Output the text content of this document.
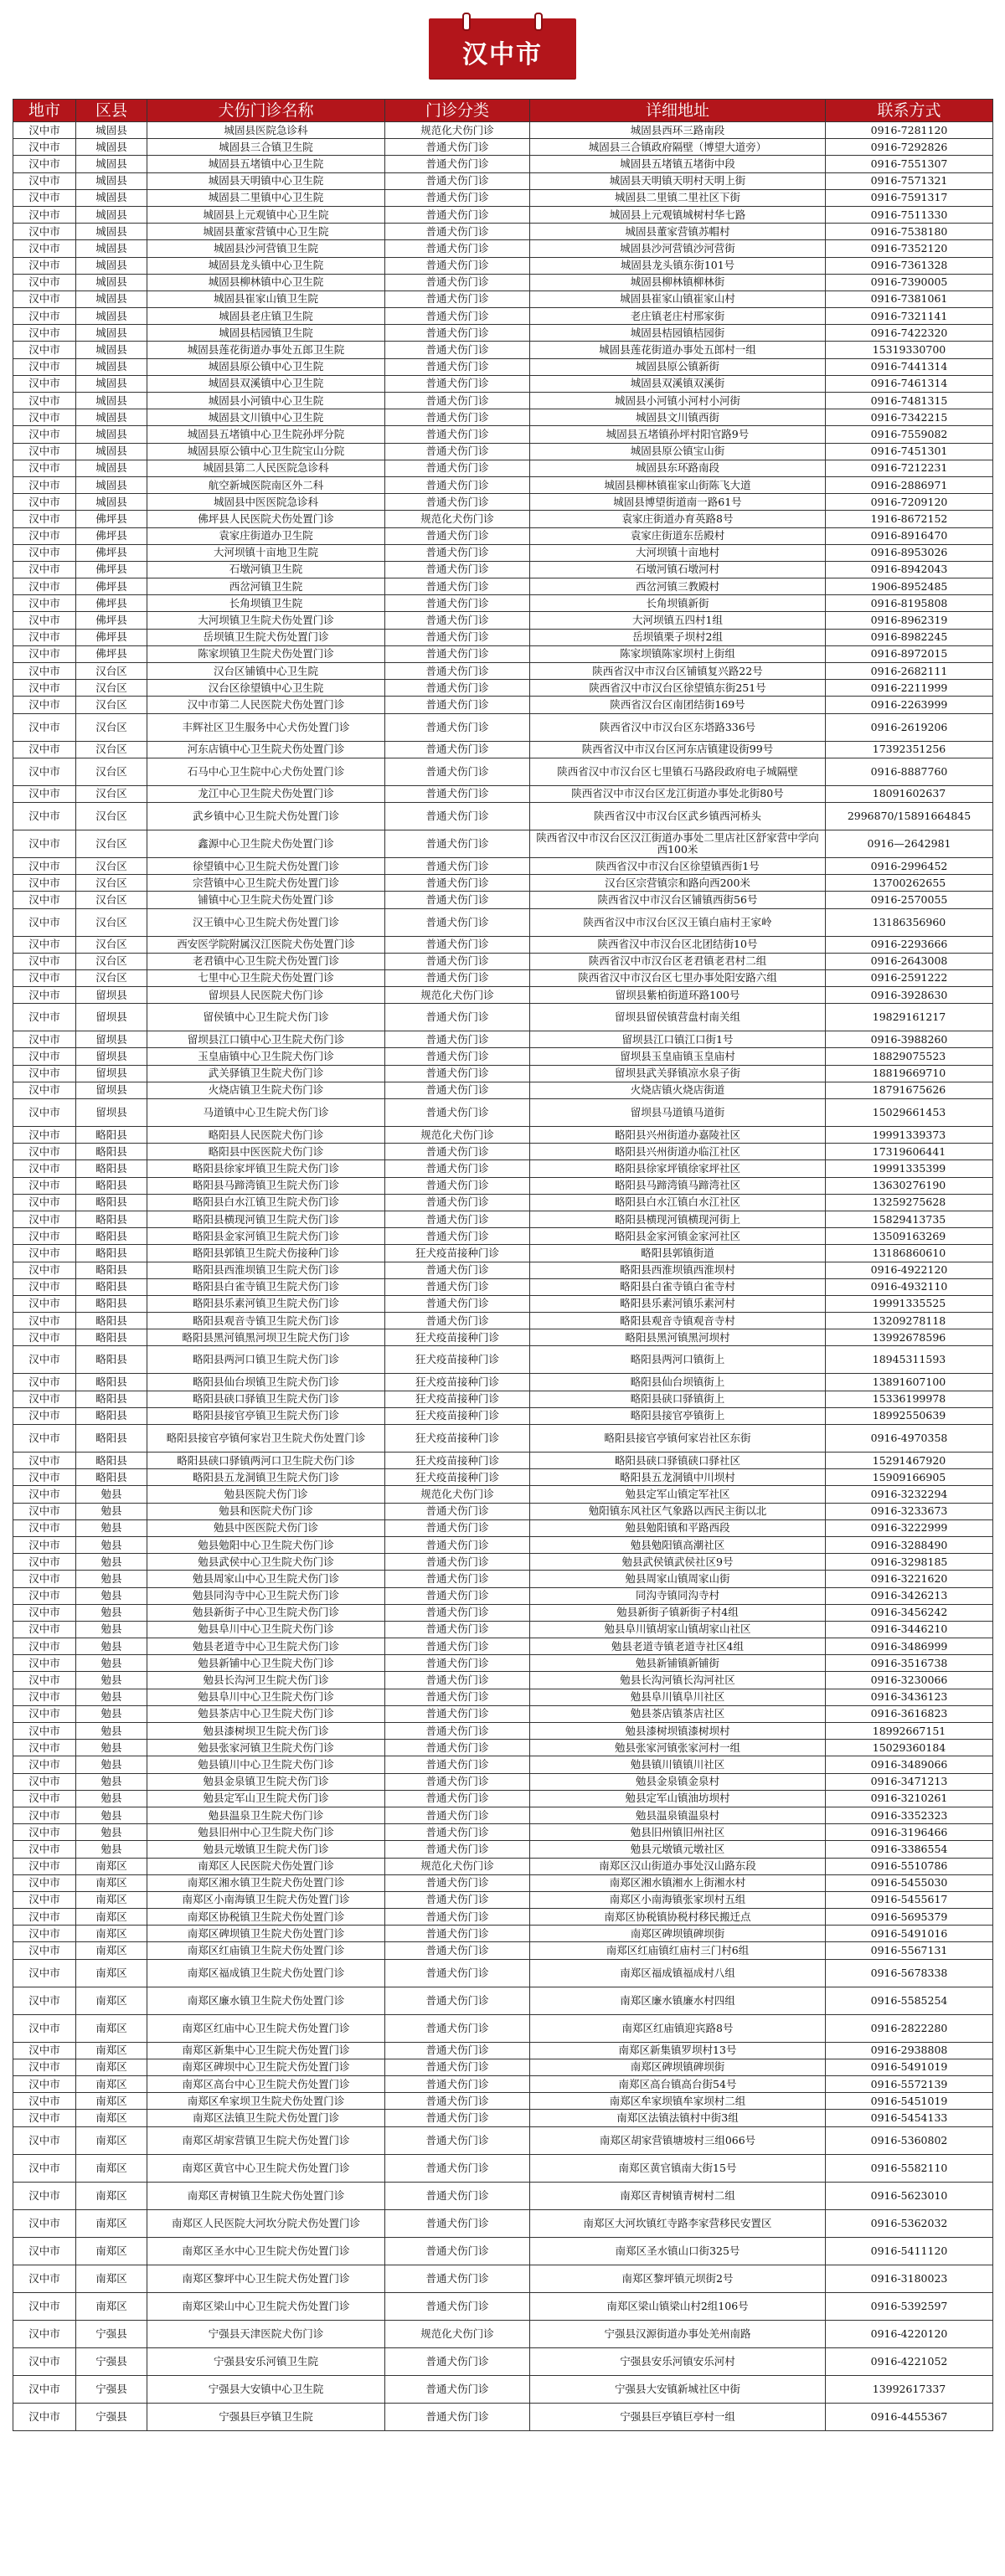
汉中市
地市	区县	犬伤门诊名称	门诊分类	详细地址	联系方式
汉中市	城固县	城固县医院急诊科	规范化犬伤门诊	城固县西环三路南段	0916-7281120
汉中市	城固县	城固县三合镇卫生院	普通犬伤门诊	城固县三合镇政府隔壁（博望大道旁）	0916-7292826
汉中市	城固县	城固县五堵镇中心卫生院	普通犬伤门诊	城固县五堵镇五堵街中段	0916-7551307
汉中市	城固县	城固县天明镇中心卫生院	普通犬伤门诊	城固县天明镇天明村天明上街	0916-7571321
汉中市	城固县	城固县二里镇中心卫生院	普通犬伤门诊	城固县二里镇二里社区下街	0916-7591317
汉中市	城固县	城固县上元观镇中心卫生院	普通犬伤门诊	城固县上元观镇城树村华七路	0916-7511330
汉中市	城固县	城固县董家营镇中心卫生院	普通犬伤门诊	城固县董家营镇苏帽村	0916-7538180
汉中市	城固县	城固县沙河营镇卫生院	普通犬伤门诊	城固县沙河营镇沙河营街	0916-7352120
汉中市	城固县	城固县龙头镇中心卫生院	普通犬伤门诊	城固县龙头镇东街101号	0916-7361328
汉中市	城固县	城固县柳林镇中心卫生院	普通犬伤门诊	城固县柳林镇柳林街	0916-7390005
汉中市	城固县	城固县崔家山镇卫生院	普通犬伤门诊	城固县崔家山镇崔家山村	0916-7381061
汉中市	城固县	城固县老庄镇卫生院	普通犬伤门诊	老庄镇老庄村邢家街	0916-7321141
汉中市	城固县	城固县桔园镇卫生院	普通犬伤门诊	城固县桔园镇桔园街	0916-7422320
汉中市	城固县	城固县莲花街道办事处五郎卫生院	普通犬伤门诊	城固县莲花街道办事处五郎村一组	15319330700
汉中市	城固县	城固县原公镇中心卫生院	普通犬伤门诊	城固县原公镇新街	0916-7441314
汉中市	城固县	城固县双溪镇中心卫生院	普通犬伤门诊	城固县双溪镇双溪街	0916-7461314
汉中市	城固县	城固县小河镇中心卫生院	普通犬伤门诊	城固县小河镇小河村小河街	0916-7481315
汉中市	城固县	城固县文川镇中心卫生院	普通犬伤门诊	城固县文川镇西街	0916-7342215
汉中市	城固县	城固县五堵镇中心卫生院孙坪分院	普通犬伤门诊	城固县五堵镇孙坪村阳官路9号	0916-7559082
汉中市	城固县	城固县原公镇中心卫生院宝山分院	普通犬伤门诊	城固县原公镇宝山街	0916-7451301
汉中市	城固县	城固县第二人民医院急诊科	普通犬伤门诊	城固县东环路南段	0916-7212231
汉中市	城固县	航空新城医院南区外二科	普通犬伤门诊	城固县柳林镇崔家山街陈飞大道	0916-2886971
汉中市	城固县	城固县中医医院急诊科	普通犬伤门诊	城固县博望街道南一路61号	0916-7209120
汉中市	佛坪县	佛坪县人民医院犬伤处置门诊	规范化犬伤门诊	袁家庄街道办育英路8号	1916-8672152
汉中市	佛坪县	袁家庄街道办卫生院	普通犬伤门诊	袁家庄街道东岳殿村	0916-8916470
汉中市	佛坪县	大河坝镇十亩地卫生院	普通犬伤门诊	大河坝镇十亩地村	0916-8953026
汉中市	佛坪县	石墩河镇卫生院	普通犬伤门诊	石墩河镇石墩河村	0916-8942043
汉中市	佛坪县	西岔河镇卫生院	普通犬伤门诊	西岔河镇三教殿村	1906-8952485
汉中市	佛坪县	长角坝镇卫生院	普通犬伤门诊	长角坝镇新街	0916-8195808
汉中市	佛坪县	大河坝镇卫生院犬伤处置门诊	普通犬伤门诊	大河坝镇五四村1组	0916-8962319
汉中市	佛坪县	岳坝镇卫生院犬伤处置门诊	普通犬伤门诊	岳坝镇栗子坝村2组	0916-8982245
汉中市	佛坪县	陈家坝镇卫生院犬伤处置门诊	普通犬伤门诊	陈家坝镇陈家坝村上街组	0916-8972015
汉中市	汉台区	汉台区铺镇中心卫生院	普通犬伤门诊	陕西省汉中市汉台区铺镇复兴路22号	0916-2682111
汉中市	汉台区	汉台区徐望镇中心卫生院	普通犬伤门诊	陕西省汉中市汉台区徐望镇东街251号	0916-2211999
汉中市	汉台区	汉中市第二人民医院犬伤处置门诊	普通犬伤门诊	陕西省汉台区南团结街169号	0916-2263999
汉中市	汉台区	丰辉社区卫生服务中心犬伤处置门诊	普通犬伤门诊	陕西省汉中市汉台区东塔路336号	0916-2619206
汉中市	汉台区	河东店镇中心卫生院犬伤处置门诊	普通犬伤门诊	陕西省汉中市汉台区河东店镇建设街99号	17392351256
汉中市	汉台区	石马中心卫生院中心犬伤处置门诊	普通犬伤门诊	陕西省汉中市汉台区七里镇石马路段政府电子城隔壁	0916-8887760
汉中市	汉台区	龙江中心卫生院犬伤处置门诊	普通犬伤门诊	陕西省汉中市汉台区龙江街道办事处北街80号	18091602637
汉中市	汉台区	武乡镇中心卫生院犬伤处置门诊	普通犬伤门诊	陕西省汉中市汉台区武乡镇西河桥头	2996870/15891664845
汉中市	汉台区	鑫源中心卫生院犬伤处置门诊	普通犬伤门诊	陕西省汉中市汉台区汉江街道办事处二里店社区舒家营中学向西100米	0916—2642981
汉中市	汉台区	徐望镇中心卫生院犬伤处置门诊	普通犬伤门诊	陕西省汉中市汉台区徐望镇西街1号	0916-2996452
汉中市	汉台区	宗营镇中心卫生院犬伤处置门诊	普通犬伤门诊	汉台区宗营镇宗和路向西200米	13700262655
汉中市	汉台区	铺镇中心卫生院犬伤处置门诊	普通犬伤门诊	陕西省汉中市汉台区铺镇西街56号	0916-2570055
汉中市	汉台区	汉王镇中心卫生院犬伤处置门诊	普通犬伤门诊	陕西省汉中市汉台区汉王镇白庙村王家岭	13186356960
汉中市	汉台区	西安医学院附属汉江医院犬伤处置门诊	普通犬伤门诊	陕西省汉中市汉台区北团结街10号	0916-2293666
汉中市	汉台区	老君镇中心卫生院犬伤处置门诊	普通犬伤门诊	陕西省汉中市汉台区老君镇老君村二组	0916-2643008
汉中市	汉台区	七里中心卫生院犬伤处置门诊	普通犬伤门诊	陕西省汉中市汉台区七里办事处阳安路六组	0916-2591222
汉中市	留坝县	留坝县人民医院犬伤门诊	规范化犬伤门诊	留坝县紫柏街道环路100号	0916-3928630
汉中市	留坝县	留侯镇中心卫生院犬伤门诊	普通犬伤门诊	留坝县留侯镇营盘村南关组	19829161217
汉中市	留坝县	留坝县江口镇中心卫生院犬伤门诊	普通犬伤门诊	留坝县江口镇江口街1号	0916-3988260
汉中市	留坝县	玉皇庙镇中心卫生院犬伤门诊	普通犬伤门诊	留坝县玉皇庙镇玉皇庙村	18829075523
汉中市	留坝县	武关驿镇卫生院犬伤门诊	普通犬伤门诊	留坝县武关驿镇凉水泉子街	18819669710
汉中市	留坝县	火烧店镇卫生院犬伤门诊	普通犬伤门诊	火烧店镇火烧店街道	18791675626
汉中市	留坝县	马道镇中心卫生院犬伤门诊	普通犬伤门诊	留坝县马道镇马道街	15029661453
汉中市	略阳县	略阳县人民医院犬伤门诊	规范化犬伤门诊	略阳县兴州街道办嘉陵社区	19991339373
汉中市	略阳县	略阳县中医医院犬伤门诊	普通犬伤门诊	略阳县兴州街道办临江社区	17319606441
汉中市	略阳县	略阳县徐家坪镇卫生院犬伤门诊	普通犬伤门诊	略阳县徐家坪镇徐家坪社区	19991335399
汉中市	略阳县	略阳县马蹄湾镇卫生院犬伤门诊	普通犬伤门诊	略阳县马蹄湾镇马蹄湾社区	13630276190
汉中市	略阳县	略阳县白水江镇卫生院犬伤门诊	普通犬伤门诊	略阳县白水江镇白水江社区	13259275628
汉中市	略阳县	略阳县横现河镇卫生院犬伤门诊	普通犬伤门诊	略阳县横现河镇横现河街上	15829413735
汉中市	略阳县	略阳县金家河镇卫生院犬伤门诊	普通犬伤门诊	略阳县金家河镇金家河社区	13509163269
汉中市	略阳县	略阳县郭镇卫生院犬伤接种门诊	狂犬疫苗接种门诊	略阳县郭镇街道	13186860610
汉中市	略阳县	略阳县西淮坝镇卫生院犬伤门诊	普通犬伤门诊	略阳县西淮坝镇西淮坝村	0916-4922120
汉中市	略阳县	略阳县白雀寺镇卫生院犬伤门诊	普通犬伤门诊	略阳县白雀寺镇白雀寺村	0916-4932110
汉中市	略阳县	略阳县乐素河镇卫生院犬伤门诊	普通犬伤门诊	略阳县乐素河镇乐素河村	19991335525
汉中市	略阳县	略阳县观音寺镇卫生院犬伤门诊	普通犬伤门诊	略阳县观音寺镇观音寺村	13209278118
汉中市	略阳县	略阳县黑河镇黑河坝卫生院犬伤门诊	狂犬疫苗接种门诊	略阳县黑河镇黑河坝村	13992678596
汉中市	略阳县	略阳县两河口镇卫生院犬伤门诊	狂犬疫苗接种门诊	略阳县两河口镇街上	18945311593
汉中市	略阳县	略阳县仙台坝镇卫生院犬伤门诊	狂犬疫苗接种门诊	略阳县仙台坝镇街上	13891607100
汉中市	略阳县	略阳县硖口驿镇卫生院犬伤门诊	狂犬疫苗接种门诊	略阳县硖口驿镇街上	15336199978
汉中市	略阳县	略阳县接官亭镇卫生院犬伤门诊	狂犬疫苗接种门诊	略阳县接官亭镇街上	18992550639
汉中市	略阳县	略阳县接官亭镇何家岩卫生院犬伤处置门诊	狂犬疫苗接种门诊	略阳县接官亭镇何家岩社区东街	0916-4970358
汉中市	略阳县	略阳县硖口驿镇两河口卫生院犬伤门诊	狂犬疫苗接种门诊	略阳县硖口驿镇硖口驿社区	15291467920
汉中市	略阳县	略阳县五龙洞镇卫生院犬伤门诊	狂犬疫苗接种门诊	略阳县五龙洞镇中川坝村	15909166905
汉中市	勉县	勉县医院犬伤门诊	规范化犬伤门诊	勉县定军山镇定军社区	0916-3232294
汉中市	勉县	勉县和医院犬伤门诊	普通犬伤门诊	勉阳镇东风社区气象路以西民主街以北	0916-3233673
汉中市	勉县	勉县中医医院犬伤门诊	普通犬伤门诊	勉县勉阳镇和平路西段	0916-3222999
汉中市	勉县	勉县勉阳中心卫生院犬伤门诊	普通犬伤门诊	勉县勉阳镇高潮社区	0916-3288490
汉中市	勉县	勉县武侯中心卫生院犬伤门诊	普通犬伤门诊	勉县武侯镇武侯社区9号	0916-3298185
汉中市	勉县	勉县周家山中心卫生院犬伤门诊	普通犬伤门诊	勉县周家山镇周家山街	0916-3221620
汉中市	勉县	勉县同沟寺中心卫生院犬伤门诊	普通犬伤门诊	同沟寺镇同沟寺村	0916-3426213
汉中市	勉县	勉县新街子中心卫生院犬伤门诊	普通犬伤门诊	勉县新街子镇新街子村4组	0916-3456242
汉中市	勉县	勉县阜川中心卫生院犬伤门诊	普通犬伤门诊	勉县阜川镇胡家山镇胡家山社区	0916-3446210
汉中市	勉县	勉县老道寺中心卫生院犬伤门诊	普通犬伤门诊	勉县老道寺镇老道寺社区4组	0916-3486999
汉中市	勉县	勉县新铺中心卫生院犬伤门诊	普通犬伤门诊	勉县新铺镇新铺街	0916-3516738
汉中市	勉县	勉县长沟河卫生院犬伤门诊	普通犬伤门诊	勉县长沟河镇长沟河社区	0916-3230066
汉中市	勉县	勉县阜川中心卫生院犬伤门诊	普通犬伤门诊	勉县阜川镇阜川社区	0916-3436123
汉中市	勉县	勉县茶店中心卫生院犬伤门诊	普通犬伤门诊	勉县茶店镇茶店社区	0916-3616823
汉中市	勉县	勉县漆树坝卫生院犬伤门诊	普通犬伤门诊	勉县漆树坝镇漆树坝村	18992667151
汉中市	勉县	勉县张家河镇卫生院犬伤门诊	普通犬伤门诊	勉县张家河镇张家河村一组	15029360184
汉中市	勉县	勉县镇川中心卫生院犬伤门诊	普通犬伤门诊	勉县镇川镇镇川社区	0916-3489066
汉中市	勉县	勉县金泉镇卫生院犬伤门诊	普通犬伤门诊	勉县金泉镇金泉村	0916-3471213
汉中市	勉县	勉县定军山卫生院犬伤门诊	普通犬伤门诊	勉县定军山镇油坊坝村	0916-3210261
汉中市	勉县	勉县温泉卫生院犬伤门诊	普通犬伤门诊	勉县温泉镇温泉村	0916-3352323
汉中市	勉县	勉县旧州中心卫生院犬伤门诊	普通犬伤门诊	勉县旧州镇旧州社区	0916-3196466
汉中市	勉县	勉县元墩镇卫生院犬伤门诊	普通犬伤门诊	勉县元墩镇元墩社区	0916-3386554
汉中市	南郑区	南郑区人民医院犬伤处置门诊	规范化犬伤门诊	南郑区汉山街道办事处汉山路东段	0916-5510786
汉中市	南郑区	南郑区湘水镇卫生院犬伤处置门诊	普通犬伤门诊	南郑区湘水镇湘水上街湘水村	0916-5455030
汉中市	南郑区	南郑区小南海镇卫生院犬伤处置门诊	普通犬伤门诊	南郑区小南海镇张家坝村五组	0916-5455617
汉中市	南郑区	南郑区协税镇卫生院犬伤处置门诊	普通犬伤门诊	南郑区协税镇协税村移民搬迁点	0916-5695379
汉中市	南郑区	南郑区碑坝镇卫生院犬伤处置门诊	普通犬伤门诊	南郑区碑坝镇碑坝街	0916-5491016
汉中市	南郑区	南郑区红庙镇卫生院犬伤处置门诊	普通犬伤门诊	南郑区红庙镇红庙村三门村6组	0916-5567131
汉中市	南郑区	南郑区福成镇卫生院犬伤处置门诊	普通犬伤门诊	南郑区福成镇福成村八组	0916-5678338
汉中市	南郑区	南郑区廉水镇卫生院犬伤处置门诊	普通犬伤门诊	南郑区廉水镇廉水村四组	0916-5585254
汉中市	南郑区	南郑区红庙中心卫生院犬伤处置门诊	普通犬伤门诊	南郑区红庙镇迎宾路8号	0916-2822280
汉中市	南郑区	南郑区新集中心卫生院犬伤处置门诊	普通犬伤门诊	南郑区新集镇罗坝村13号	0916-2938808
汉中市	南郑区	南郑区碑坝中心卫生院犬伤处置门诊	普通犬伤门诊	南郑区碑坝镇碑坝街	0916-5491019
汉中市	南郑区	南郑区高台中心卫生院犬伤处置门诊	普通犬伤门诊	南郑区高台镇高台街54号	0916-5572139
汉中市	南郑区	南郑区牟家坝卫生院犬伤处置门诊	普通犬伤门诊	南郑区牟家坝镇牟家坝村二组	0916-5451019
汉中市	南郑区	南郑区法镇卫生院犬伤处置门诊	普通犬伤门诊	南郑区法镇法镇村中街3组	0916-5454133
汉中市	南郑区	南郑区胡家营镇卫生院犬伤处置门诊	普通犬伤门诊	南郑区胡家营镇塘坡村三组066号	0916-5360802
汉中市	南郑区	南郑区黄官中心卫生院犬伤处置门诊	普通犬伤门诊	南郑区黄官镇南大街15号	0916-5582110
汉中市	南郑区	南郑区青树镇卫生院犬伤处置门诊	普通犬伤门诊	南郑区青树镇青树村二组	0916-5623010
汉中市	南郑区	南郑区人民医院大河坎分院犬伤处置门诊	普通犬伤门诊	南郑区大河坎镇红寺路李家营移民安置区	0916-5362032
汉中市	南郑区	南郑区圣水中心卫生院犬伤处置门诊	普通犬伤门诊	南郑区圣水镇山口街325号	0916-5411120
汉中市	南郑区	南郑区黎坪中心卫生院犬伤处置门诊	普通犬伤门诊	南郑区黎坪镇元坝街2号	0916-3180023
汉中市	南郑区	南郑区梁山中心卫生院犬伤处置门诊	普通犬伤门诊	南郑区梁山镇梁山村2组106号	0916-5392597
汉中市	宁强县	宁强县天津医院犬伤门诊	规范化犬伤门诊	宁强县汉源街道办事处羌州南路	0916-4220120
汉中市	宁强县	宁强县安乐河镇卫生院	普通犬伤门诊	宁强县安乐河镇安乐河村	0916-4221052
汉中市	宁强县	宁强县大安镇中心卫生院	普通犬伤门诊	宁强县大安镇新城社区中街	13992617337
汉中市	宁强县	宁强县巨亭镇卫生院	普通犬伤门诊	宁强县巨亭镇巨亭村一组	0916-4455367
